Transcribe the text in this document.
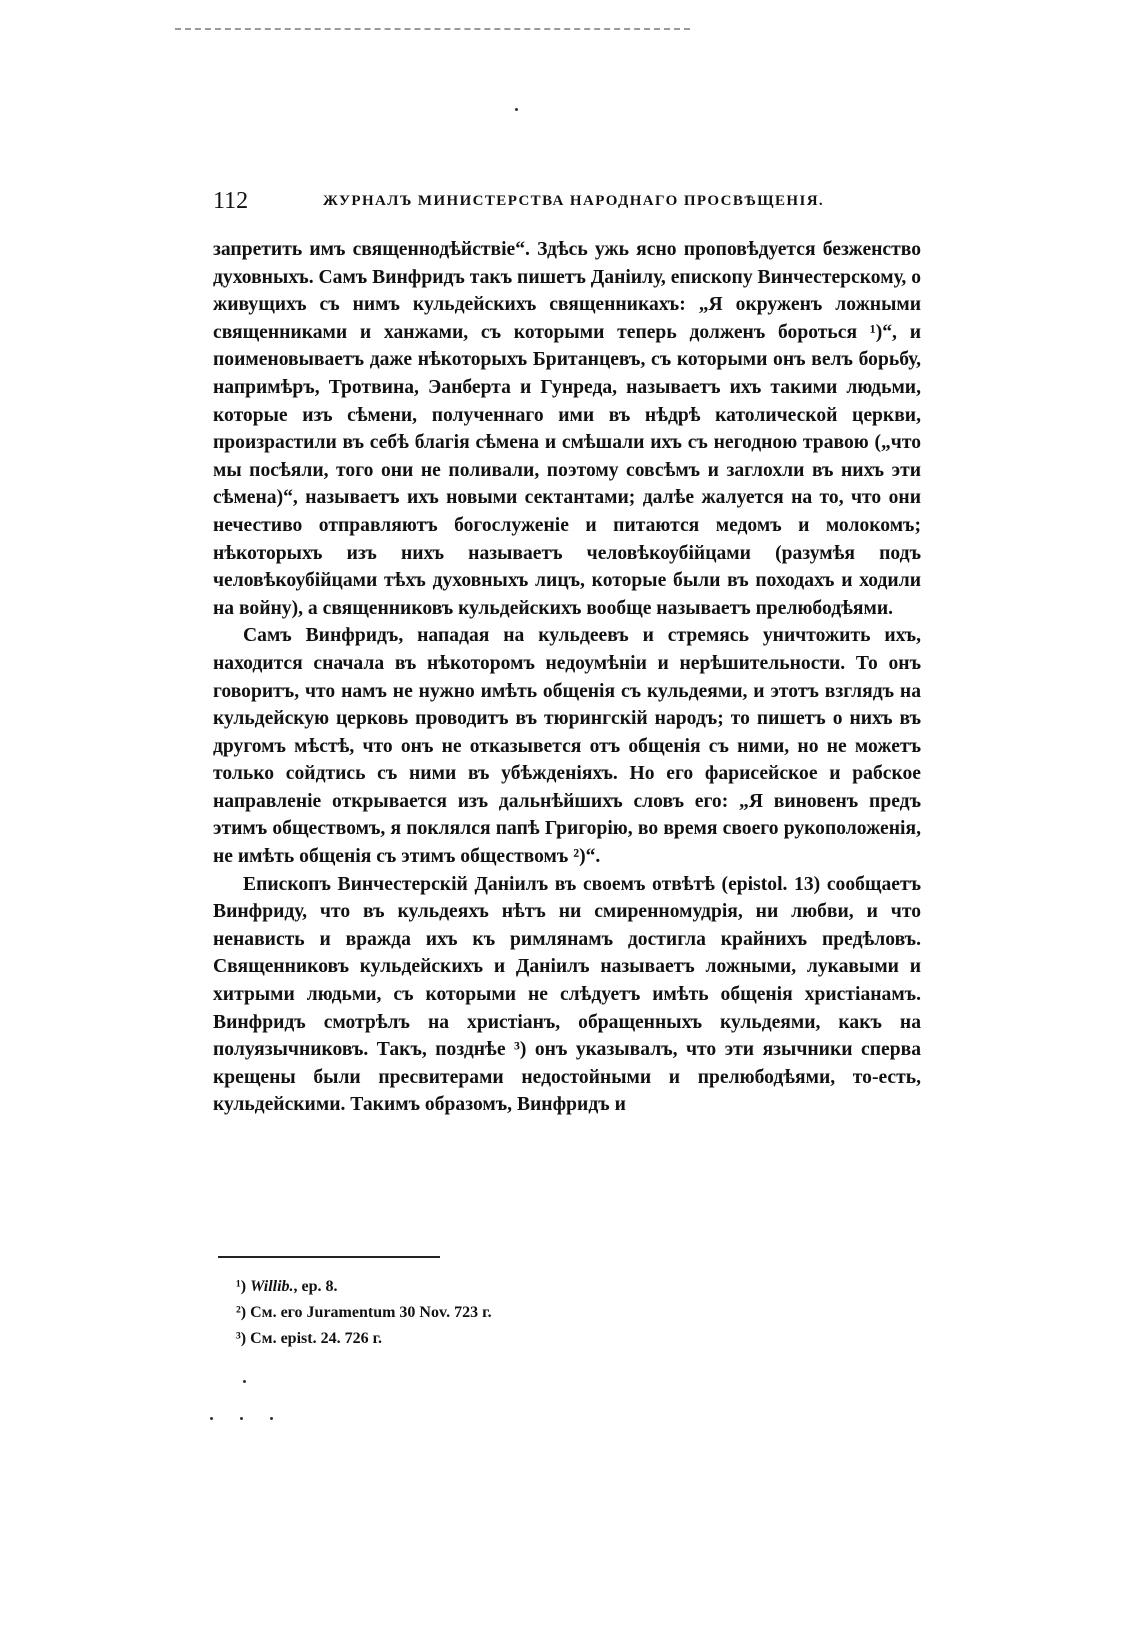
112	ЖУРНАЛЪ МИНИСТЕРСТВА НАРОДНАГО ПРОСВѢЩЕНІЯ.

запретить имъ священнодѣйствіе“. Здѣсь ужь ясно проповѣдуется безженство духовныхъ. Самъ Винфридъ такъ пишетъ Даніилу, епископу Винчестерскому, о живущихъ съ нимъ кульдейскихъ священникахъ: „Я окруженъ ложными священниками и ханжами, съ которыми теперь долженъ бороться ¹)“, и поименовываетъ даже нѣкоторыхъ Британцевъ, съ которыми онъ велъ борьбу, напримѣръ, Тротвина, Эанберта и Гунреда, называетъ ихъ такими людьми, которые изъ сѣмени, полученнаго ими въ нѣдрѣ католической церкви, произрастили въ себѣ благія сѣмена и смѣшали ихъ съ негодною травою („что мы посѣяли, того они не поливали, поэтому совсѣмъ и заглохли въ нихъ эти сѣмена)“, называетъ ихъ новыми сектантами; далѣе жалуется на то, что они нечестиво отправляютъ богослуженіе и питаются медомъ и молокомъ; нѣкоторыхъ изъ нихъ называетъ человѣкоубійцами (разумѣя подъ человѣкоубійцами тѣхъ духовныхъ лицъ, которые были въ походахъ и ходили на войну), а священниковъ кульдейскихъ вообще называетъ прелюбодѣями.

Самъ Винфридъ, нападая на кульдеевъ и стремясь уничтожить ихъ, находится сначала въ нѣкоторомъ недоумѣніи и нерѣшительности. То онъ говоритъ, что намъ не нужно имѣть общенія съ кульдеями, и этотъ взглядъ на кульдейскую церковь проводитъ въ тюрингскій народъ; то пишетъ о нихъ въ другомъ мѣстѣ, что онъ не отказывется отъ общенія съ ними, но не можетъ только сойдтись съ ними въ убѣжденіяхъ. Но его фарисейское и рабское направленіе открывается изъ дальнѣйшихъ словъ его: „Я виновенъ предъ этимъ обществомъ, я поклялся папѣ Григорію, во время своего рукоположенія, не имѣть общенія съ этимъ обществомъ ²)“.

Епископъ Винчестерскій Даніилъ въ своемъ отвѣтѣ (epistol. 13) сообщаетъ Винфриду, что въ кульдеяхъ нѣтъ ни смиренномудрія, ни любви, и что ненависть и вражда ихъ къ римлянамъ достигла крайнихъ предѣловъ. Священниковъ кульдейскихъ и Даніилъ называетъ ложными, лукавыми и хитрыми людьми, съ которыми не слѣдуетъ имѣть общенія христіанамъ. Винфридъ смотрѣлъ на христіанъ, обращенныхъ кульдеями, какъ на полуязычниковъ. Такъ, позднѣе ³) онъ указывалъ, что эти язычники сперва крещены были пресвитерами недостойными и прелюбодѣями, то-есть, кульдейскими. Такимъ образомъ, Винфридъ и

¹) Willib., ep. 8.
²) См. его Juramentum 30 Nov. 723 г.
³) См. epist. 24. 726 г.
